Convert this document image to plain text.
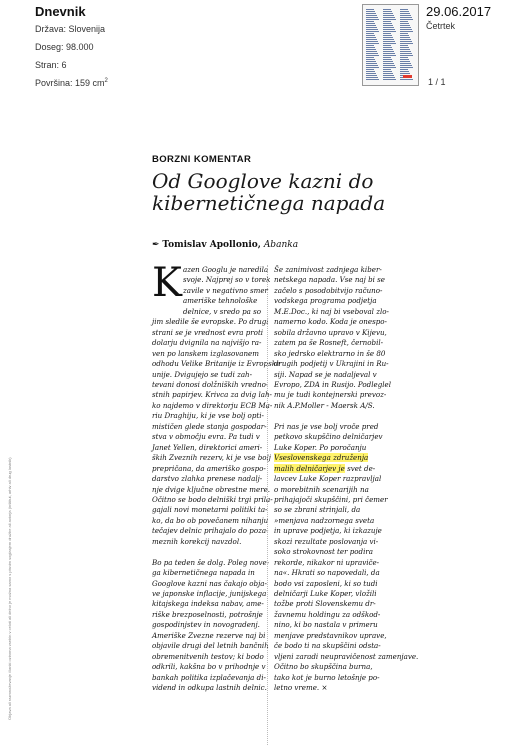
Dnevnik
Država: Slovenija
Doseg: 98.000
Stran: 6
Površina: 159 $cm^2$
29.06.2017
Četrtek
1 / 1
Objava ali razmnoževanje članki oziroma vsebin v celoti ali delno je možna samo s pisnim soglasjem družbe ali avtorja (inštitut, arhiv ali drug lastnik)
BORZNI KOMENTAR
Od Googlove kazni do
kibernetičnega napada
✒ Tomislav Apollonio, Abanka
K azen Googlu je naredila

svoje. Najprej so v torek

zavile v negativno smer

ameriške tehnološke

delnice, v sredo pa so

jim sledile še evropske. Po drugi

strani se je vrednost evra proti

dolarju dvignila na najvišjo ra-

ven po lanskem izglasovanem

odhodu Velike Britanije iz Evropske

unije. Dvigujejo se tudi zah-

tevani donosi dolžniških vredno-

stnih papirjev. Krivca za dvig lah-

ko najdemo v direktorju ECB Ma-

riu Draghiju, ki je vse bolj opti-

mističen glede stanja gospodar-

stva v območju evra. Pa tudi v

Janet Yellen, direktorici ameri-

ških Zveznih rezerv, ki je vse bolj

prepričana, da ameriško gospo-

darstvo zlahka prenese nadalj-

nje dvige ključne obrestne mere.

Očitno se bodo delniški trgi prila-

gajali novi monetarni politiki ta-

ko, da bo ob povečanem nihanju

tečajev delnic prihajalo do poza-

meznih korekcij navzdol.

Bo pa teden še dolg. Poleg nove-

ga kibernetičnega napada in

Googlove kazni nas čakajo obja-

ve japonske inflacije, junijskega

kitajskega indeksa nabav, ame-

riške brezposelnosti, potrošnje

gospodinjstev in novogradenj.

Ameriške Zvezne rezerve naj bi

objavile drugi del letnih bančnih

obremenitvenih testov; ki bodo

odkrili, kakšna bo v prihodnje v

bankah politika izplačevanja di-

vidend in odkupa lastnih delnic.

Še zanimivost zadnjega kiber-

netskega napada. Vse naj bi se

začelo s posodobitvijo računo-

vodskega programa podjetja

M.E.Doc., ki naj bi vseboval zlo-

namerno kodo. Koda je onespo-

sobila državno upravo v Kijevu,

zatem pa še Rosneft, černobil-

sko jedrsko elektrarno in še 80

drugih podjetij v Ukrajini in Ru-

siji. Napad se je nadaljeval v

Evropo, ZDA in Rusijo. Podleglel

mu je tudi kontejnerski prevoz-

nik A.P.Moller - Maersk A/S.

Pri nas je vse bolj vroče pred

petkovo skupščino delničarjev

Luke Koper. Po poročanju

Vseslovenskega združenja

malih delničarjev je svet de-

lavcev Luke Koper razpravljal

o morebitnih scenarijih na

prihajajoči skupščini, pri čemer

so se zbrani strinjali, da

»menjava nadzornega sveta

in uprave podjetja, ki izkazuje

skozi rezultate poslovanja vi-

soko strokovnost ter podira

rekorde, nikakor ni upraviče-

na«. Hkrati so napovedali, da

bodo vsi zaposleni, ki so tudi

delničarji Luke Koper, vložili

tožbe proti Slovenskemu dr-

žavnemu holdingu za odškod-

nino, ki bo nastala v primeru

menjave predstavnikov uprave,

če bodo ti na skupščini odsta-

vljeni zaradi neupravičenost zamenjave.

Očitno bo skupščina burna,

tako kot je burno letošnje po-

letno vreme. ×
